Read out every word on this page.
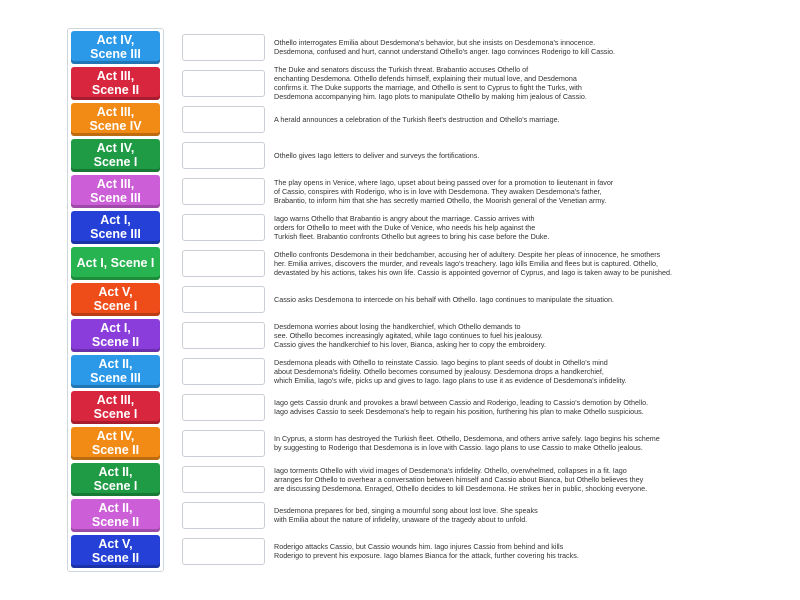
Act IV,
Scene III
Act III,
Scene II
Act III,
Scene IV
Act IV,
Scene I
Act III,
Scene III
Act I,
Scene III
Act I, Scene I
Act V,
Scene I
Act I,
Scene II
Act II,
Scene III
Act III,
Scene I
Act IV,
Scene II
Act II,
Scene I
Act II,
Scene II
Act V,
Scene II
Othello interrogates Emilia about Desdemona's behavior, but she insists on Desdemona's innocence.
Desdemona, confused and hurt, cannot understand Othello's anger. Iago convinces Roderigo to kill Cassio.
The Duke and senators discuss the Turkish threat. Brabantio accuses Othello of
enchanting Desdemona. Othello defends himself, explaining their mutual love, and Desdemona
confirms it. The Duke supports the marriage, and Othello is sent to Cyprus to fight the Turks, with
Desdemona accompanying him. Iago plots to manipulate Othello by making him jealous of Cassio.
A herald announces a celebration of the Turkish fleet's destruction and Othello's marriage.
Othello gives Iago letters to deliver and surveys the fortifications.
The play opens in Venice, where Iago, upset about being passed over for a promotion to lieutenant in favor
of Cassio, conspires with Roderigo, who is in love with Desdemona. They awaken Desdemona's father,
Brabantio, to inform him that she has secretly married Othello, the Moorish general of the Venetian army.
Iago warns Othello that Brabantio is angry about the marriage. Cassio arrives with
orders for Othello to meet with the Duke of Venice, who needs his help against the
Turkish fleet. Brabantio confronts Othello but agrees to bring his case before the Duke.
Othello confronts Desdemona in their bedchamber, accusing her of adultery. Despite her pleas of innocence, he smothers
her. Emilia arrives, discovers the murder, and reveals Iago's treachery. Iago kills Emilia and flees but is captured. Othello,
devastated by his actions, takes his own life. Cassio is appointed governor of Cyprus, and Iago is taken away to be punished.
Cassio asks Desdemona to intercede on his behalf with Othello. Iago continues to manipulate the situation.
Desdemona worries about losing the handkerchief, which Othello demands to
see. Othello becomes increasingly agitated, while Iago continues to fuel his jealousy.
Cassio gives the handkerchief to his lover, Bianca, asking her to copy the embroidery.
Desdemona pleads with Othello to reinstate Cassio. Iago begins to plant seeds of doubt in Othello's mind
about Desdemona's fidelity. Othello becomes consumed by jealousy. Desdemona drops a handkerchief,
which Emilia, Iago's wife, picks up and gives to Iago. Iago plans to use it as evidence of Desdemona's infidelity.
Iago gets Cassio drunk and provokes a brawl between Cassio and Roderigo, leading to Cassio's demotion by Othello.
Iago advises Cassio to seek Desdemona's help to regain his position, furthering his plan to make Othello suspicious.
In Cyprus, a storm has destroyed the Turkish fleet. Othello, Desdemona, and others arrive safely. Iago begins his scheme
by suggesting to Roderigo that Desdemona is in love with Cassio. Iago plans to use Cassio to make Othello jealous.
Iago torments Othello with vivid images of Desdemona's infidelity. Othello, overwhelmed, collapses in a fit. Iago
arranges for Othello to overhear a conversation between himself and Cassio about Bianca, but Othello believes they
are discussing Desdemona. Enraged, Othello decides to kill Desdemona. He strikes her in public, shocking everyone.
Desdemona prepares for bed, singing a mournful song about lost love. She speaks
with Emilia about the nature of infidelity, unaware of the tragedy about to unfold.
Roderigo attacks Cassio, but Cassio wounds him. Iago injures Cassio from behind and kills
Roderigo to prevent his exposure. Iago blames Bianca for the attack, further covering his tracks.
